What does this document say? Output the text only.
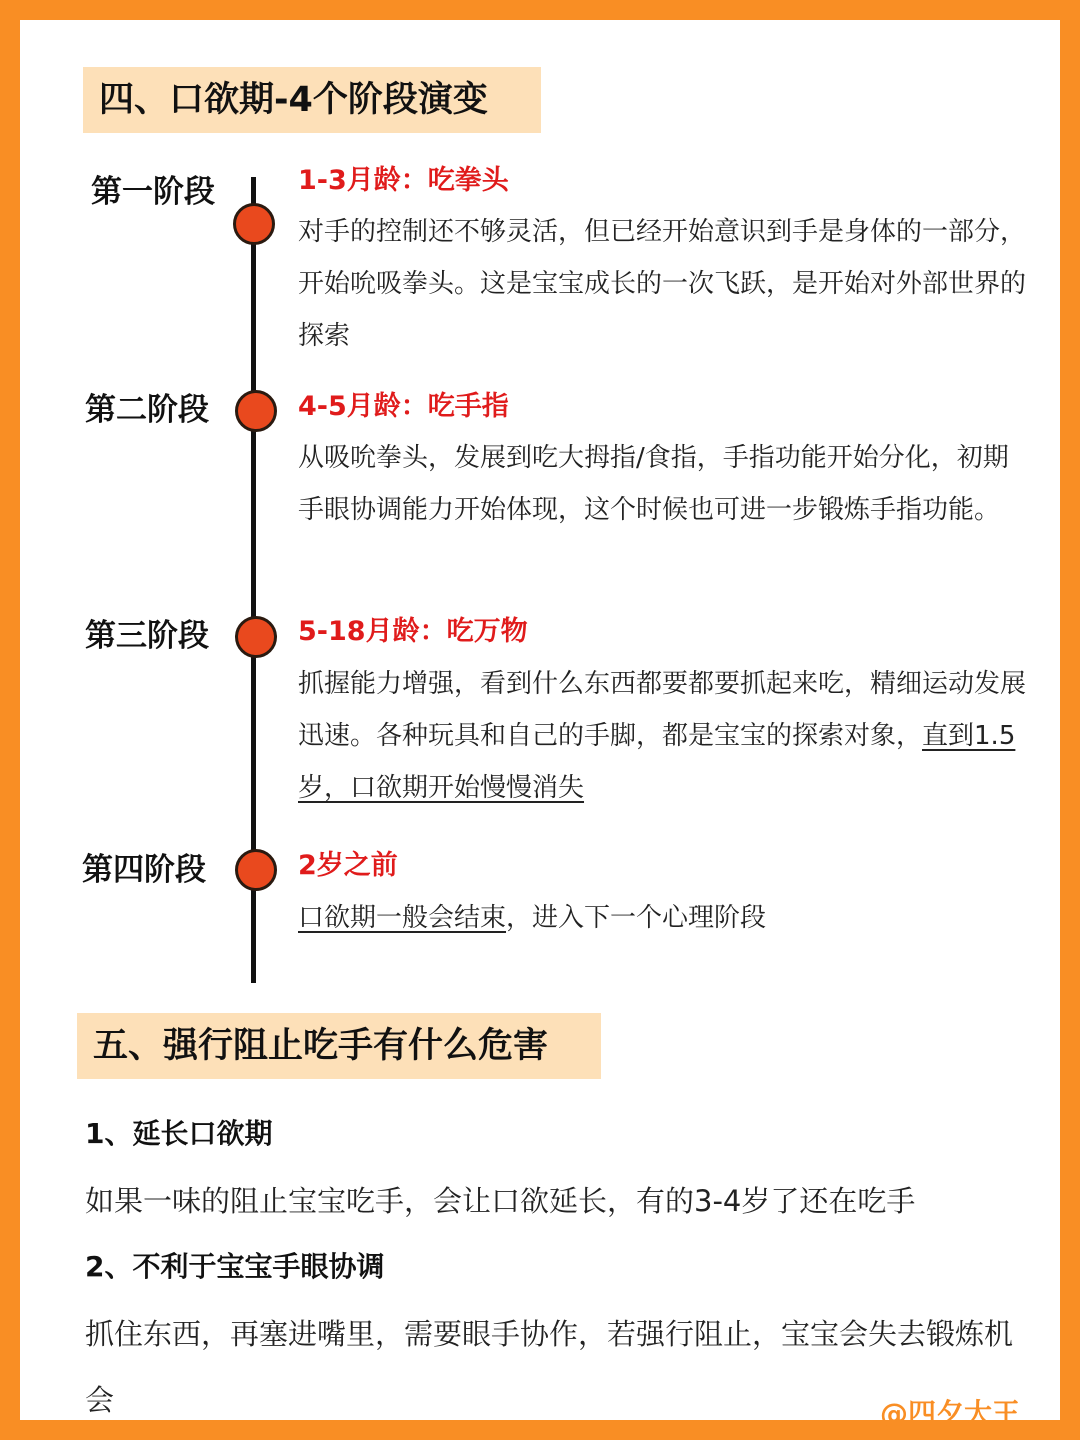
四、口欲期-4个阶段演变
第一阶段	1-3月龄：吃拳头
对手的控制还不够灵活，但已经开始意识到手是身体的一部分，开始吮吸拳头。这是宝宝成长的一次飞跃，是开始对外部世界的探索
第二阶段	4-5月龄：吃手指
从吸吮拳头，发展到吃大拇指/食指，手指功能开始分化，初期手眼协调能力开始体现，这个时候也可进一步锻炼手指功能。
第三阶段	5-18月龄：吃万物
抓握能力增强，看到什么东西都要都要抓起来吃，精细运动发展迅速。各种玩具和自己的手脚，都是宝宝的探索对象，直到1.5岁，口欲期开始慢慢消失
第四阶段	2岁之前
口欲期一般会结束，进入下一个心理阶段
五、强行阻止吃手有什么危害
1、延长口欲期
如果一味的阻止宝宝吃手，会让口欲延长，有的3-4岁了还在吃手
2、不利于宝宝手眼协调
抓住东西，再塞进嘴里，需要眼手协作，若强行阻止，宝宝会失去锻炼机会	@四夕大王
